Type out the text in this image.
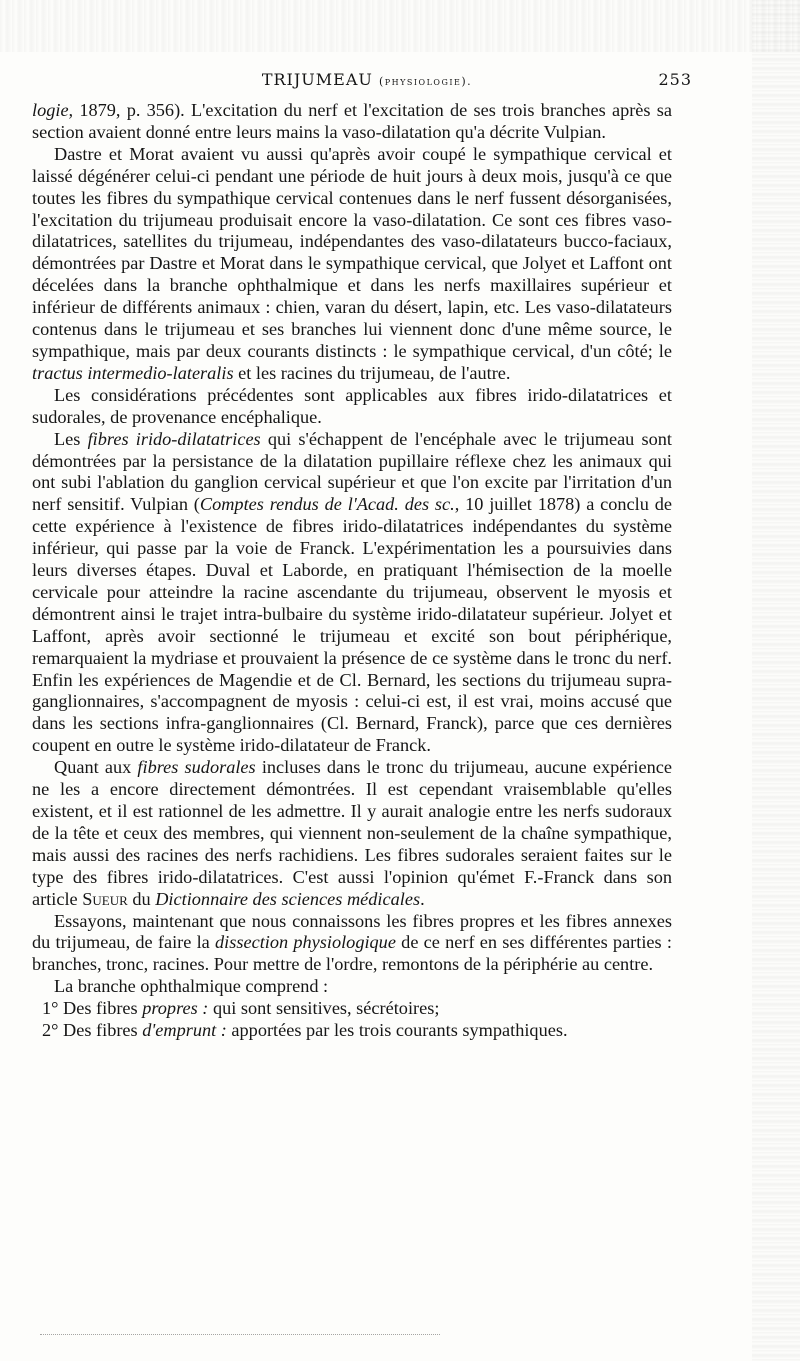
TRIJUMEAU (physiologie).	253

logie, 1879, p. 356). L'excitation du nerf et l'excitation de ses trois branches après sa section avaient donné entre leurs mains la vaso-dilatation qu'a décrite Vulpian.

Dastre et Morat avaient vu aussi qu'après avoir coupé le sympathique cervical et laissé dégénérer celui-ci pendant une période de huit jours à deux mois, jusqu'à ce que toutes les fibres du sympathique cervical contenues dans le nerf fussent désorganisées, l'excitation du trijumeau produisait encore la vaso-dilatation. Ce sont ces fibres vaso-dilatatrices, satellites du trijumeau, indépendantes des vaso-dilatateurs bucco-faciaux, démontrées par Dastre et Morat dans le sympathique cervical, que Jolyet et Laffont ont décelées dans la branche ophthalmique et dans les nerfs maxillaires supérieur et inférieur de différents animaux : chien, varan du désert, lapin, etc. Les vaso-dilatateurs contenus dans le trijumeau et ses branches lui viennent donc d'une même source, le sympathique, mais par deux courants distincts : le sympathique cervical, d'un côté; le tractus intermedio-lateralis et les racines du trijumeau, de l'autre.

Les considérations précédentes sont applicables aux fibres irido-dilatatrices et sudorales, de provenance encéphalique.

Les fibres irido-dilatatrices qui s'échappent de l'encéphale avec le trijumeau sont démontrées par la persistance de la dilatation pupillaire réflexe chez les animaux qui ont subi l'ablation du ganglion cervical supérieur et que l'on excite par l'irritation d'un nerf sensitif. Vulpian (Comptes rendus de l'Acad. des sc., 10 juillet 1878) a conclu de cette expérience à l'existence de fibres irido-dilatatrices indépendantes du système inférieur, qui passe par la voie de Franck. L'expérimentation les a poursuivies dans leurs diverses étapes. Duval et Laborde, en pratiquant l'hémisection de la moelle cervicale pour atteindre la racine ascendante du trijumeau, observent le myosis et démontrent ainsi le trajet intra-bulbaire du système irido-dilatateur supérieur. Jolyet et Laffont, après avoir sectionné le trijumeau et excité son bout périphérique, remarquaient la mydriase et prouvaient la présence de ce système dans le tronc du nerf. Enfin les expériences de Magendie et de Cl. Bernard, les sections du trijumeau supra-ganglionnaires, s'accompagnent de myosis : celui-ci est, il est vrai, moins accusé que dans les sections infra-ganglionnaires (Cl. Bernard, Franck), parce que ces dernières coupent en outre le système irido-dilatateur de Franck.

Quant aux fibres sudorales incluses dans le tronc du trijumeau, aucune expérience ne les a encore directement démontrées. Il est cependant vraisemblable qu'elles existent, et il est rationnel de les admettre. Il y aurait analogie entre les nerfs sudoraux de la tête et ceux des membres, qui viennent non-seulement de la chaîne sympathique, mais aussi des racines des nerfs rachidiens. Les fibres sudorales seraient faites sur le type des fibres irido-dilatatrices. C'est aussi l'opinion qu'émet F.-Franck dans son article Sueur du Dictionnaire des sciences médicales.

Essayons, maintenant que nous connaissons les fibres propres et les fibres annexes du trijumeau, de faire la dissection physiologique de ce nerf en ses différentes parties : branches, tronc, racines. Pour mettre de l'ordre, remontons de la périphérie au centre.

La branche ophthalmique comprend :

1° Des fibres propres : qui sont sensitives, sécrétoires;

2° Des fibres d'emprunt : apportées par les trois courants sympathiques.
